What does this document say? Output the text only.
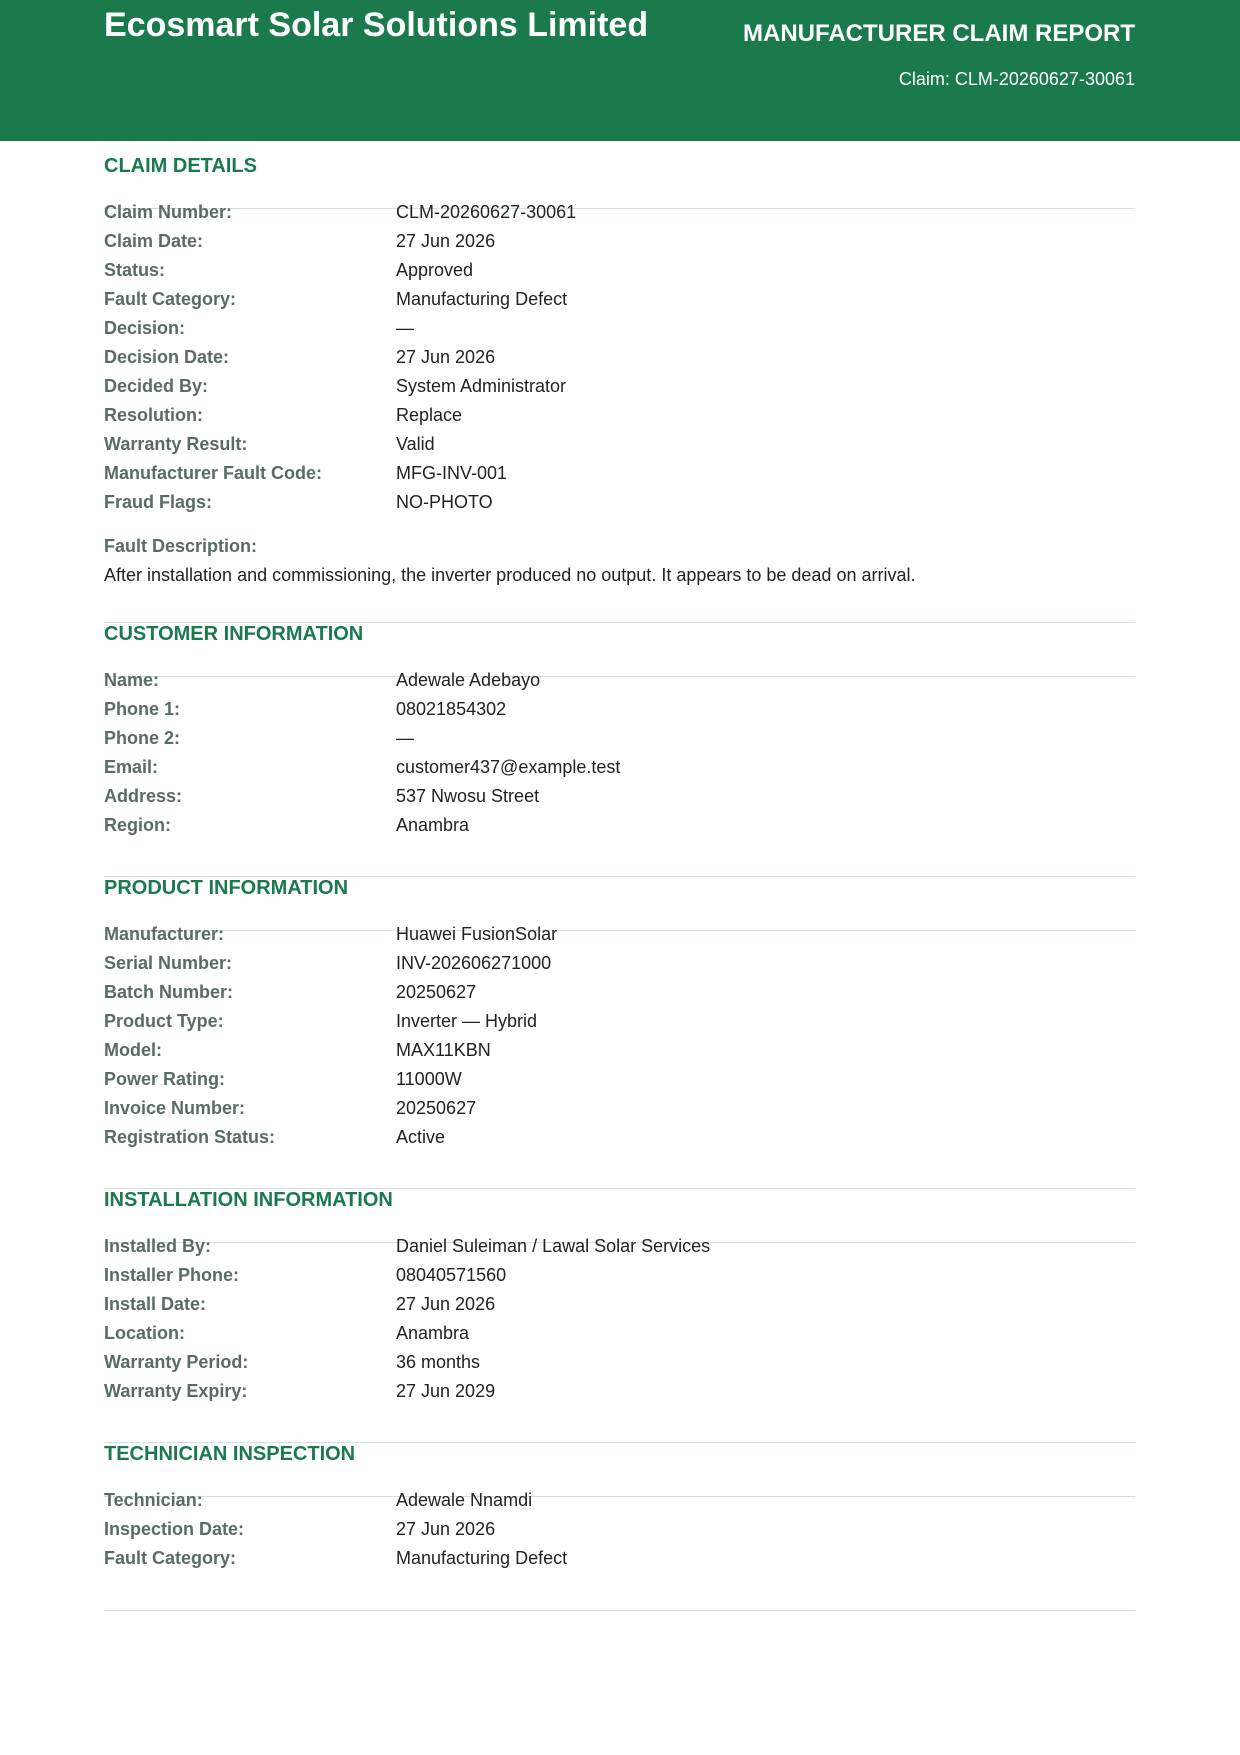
Ecosmart Solar Solutions Limited	MANUFACTURER CLAIM REPORT
Claim: CLM-20260627-30061
CLAIM DETAILS
Claim Number:	CLM-20260627-30061
Claim Date:	27 Jun 2026
Status:	Approved
Fault Category:	Manufacturing Defect
Decision:	—
Decision Date:	27 Jun 2026
Decided By:	System Administrator
Resolution:	Replace
Warranty Result:	Valid
Manufacturer Fault Code:	MFG-INV-001
Fraud Flags:	NO-PHOTO
Fault Description:
After installation and commissioning, the inverter produced no output. It appears to be dead on arrival.
CUSTOMER INFORMATION
Name:	Adewale Adebayo
Phone 1:	08021854302
Phone 2:	—
Email:	customer437@example.test
Address:	537 Nwosu Street
Region:	Anambra
PRODUCT INFORMATION
Manufacturer:	Huawei FusionSolar
Serial Number:	INV-202606271000
Batch Number:	20250627
Product Type:	Inverter — Hybrid
Model:	MAX11KBN
Power Rating:	11000W
Invoice Number:	20250627
Registration Status:	Active
INSTALLATION INFORMATION
Installed By:	Daniel Suleiman / Lawal Solar Services
Installer Phone:	08040571560
Install Date:	27 Jun 2026
Location:	Anambra
Warranty Period:	36 months
Warranty Expiry:	27 Jun 2029
TECHNICIAN INSPECTION
Technician:	Adewale Nnamdi
Inspection Date:	27 Jun 2026
Fault Category:	Manufacturing Defect
